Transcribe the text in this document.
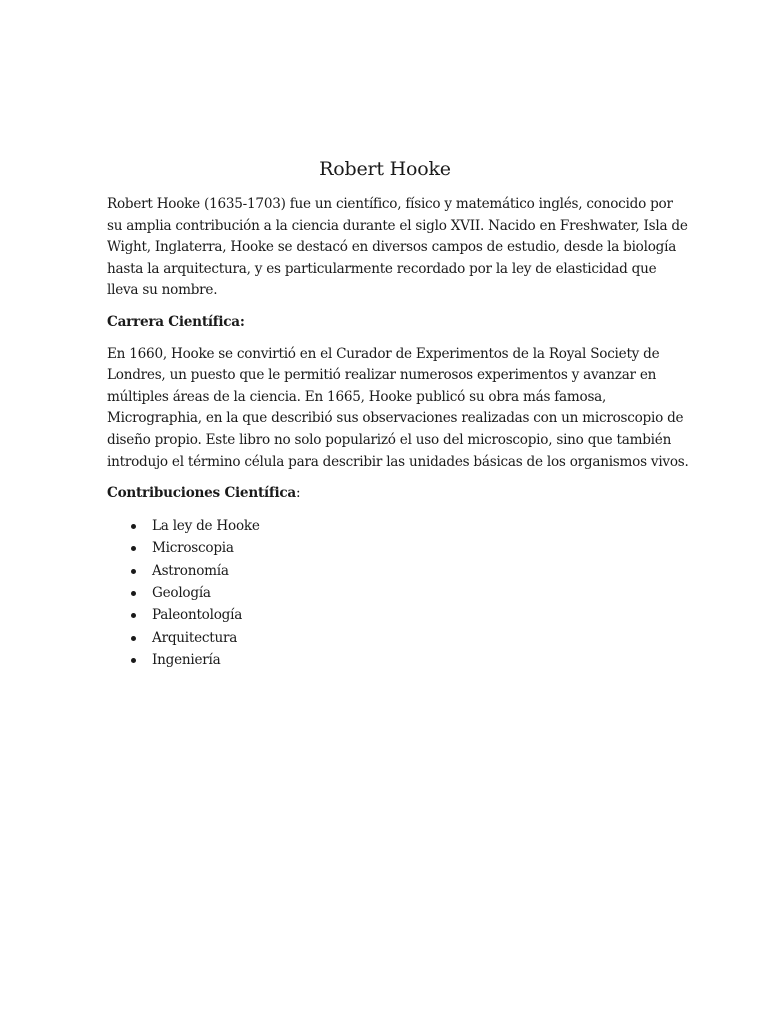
Robert Hooke

Robert Hooke (1635-1703) fue un científico, físico y matemático inglés, conocido por
su amplia contribución a la ciencia durante el siglo XVII. Nacido en Freshwater, Isla de
Wight, Inglaterra, Hooke se destacó en diversos campos de estudio, desde la biología
hasta la arquitectura, y es particularmente recordado por la ley de elasticidad que
lleva su nombre.

Carrera Científica:

En 1660, Hooke se convirtió en el Curador de Experimentos de la Royal Society de
Londres, un puesto que le permitió realizar numerosos experimentos y avanzar en
múltiples áreas de la ciencia. En 1665, Hooke publicó su obra más famosa,
Micrographia, en la que describió sus observaciones realizadas con un microscopio de
diseño propio. Este libro no solo popularizó el uso del microscopio, sino que también
introdujo el término célula para describir las unidades básicas de los organismos vivos.

Contribuciones Científica:

La ley de Hooke
Microscopia
Astronomía
Geología
Paleontología
Arquitectura
Ingeniería
